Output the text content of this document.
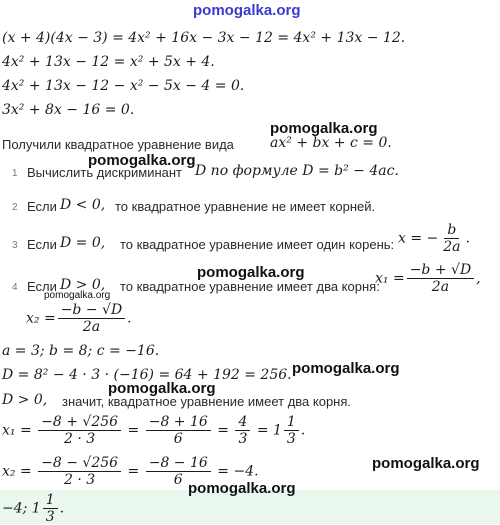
pomogalka.org
(x + 4)(4x − 3) = 4x² + 16x − 3x − 12 = 4x² + 13x − 12.
4x² + 13x − 12 = x² + 5x + 4.
4x² + 13x − 12 − x² − 5x − 4 = 0.
3x² + 8x − 16 = 0.
Получили квадратное уравнение вида	ax² + bx + c = 0.
pomogalka.org
pomogalka.org
1 Вычислить дискриминант D по формуле D = b² − 4ac.
2 Если D < 0, то квадратное уравнение не имеет корней.
3 Если D = 0, то квадратное уравнение имеет один корень: x = − $\frac{b}{2a}$ .
4 Если D > 0, то квадратное уравнение имеет два корня:
$x_1 = \frac{-b + √D}{2a}$ ,
pomogalka.org
pomogalka.org
$x_2 = \frac{-b - √D}{2a}$ .
a = 3; b = 8; c = −16.
D = 8² − 4 · 3 · (−16) = 64 + 192 = 256. pomogalka.org
pomogalka.org
D > 0, значит, квадратное уравнение имеет два корня.
$x_1 = \frac{-8 + √256}{2 \cdot 3} = \frac{-8 + 16}{6} = \frac{4}{3} = 1 \frac{1}{3}$ .
$x_2 = \frac{-8 - √256}{2 \cdot 3} = \frac{-8 - 16}{6} = -4$.	pomogalka.org
pomogalka.org
−4; $1 \frac{1}{3}$ .
